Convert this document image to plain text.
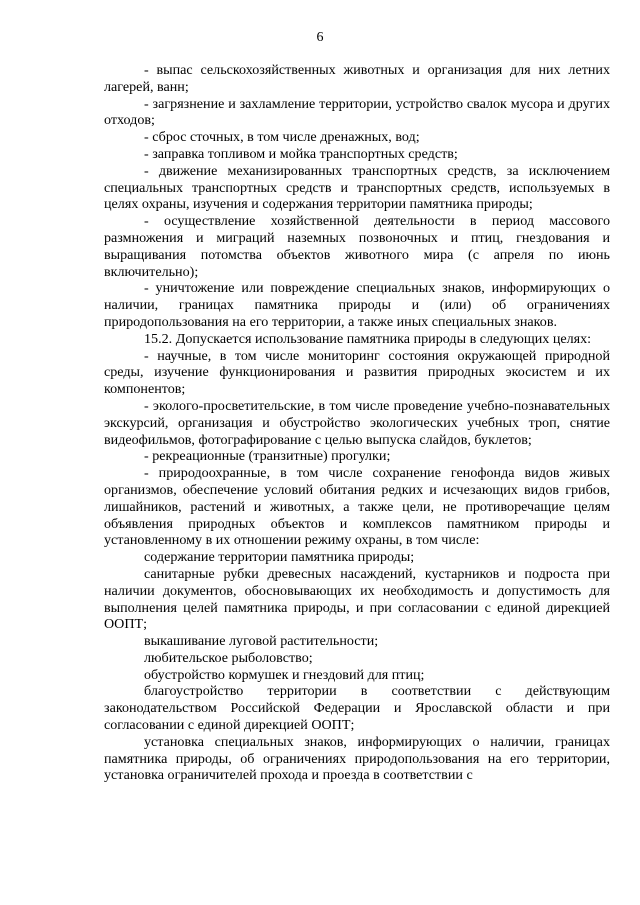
6

- выпас сельскохозяйственных животных и организация для них летних лагерей, ванн;

- загрязнение и захламление территории, устройство свалок мусора и других отходов;

- сброс сточных, в том числе дренажных, вод;

- заправка топливом и мойка транспортных средств;

- движение механизированных транспортных средств, за исключением специальных транспортных средств и транспортных средств, используемых в целях охраны, изучения и содержания территории памятника природы;

- осуществление хозяйственной деятельности в период массового размножения и миграций наземных позвоночных и птиц, гнездования и выращивания потомства объектов животного мира (с апреля по июнь включительно);

- уничтожение или повреждение специальных знаков, информирующих о наличии, границах памятника природы и (или) об ограничениях природопользования на его территории, а также иных специальных знаков.

15.2. Допускается использование памятника природы в следующих целях:

- научные, в том числе мониторинг состояния окружающей природной среды, изучение функционирования и развития природных экосистем и их компонентов;

- эколого-просветительские, в том числе проведение учебно-познавательных экскурсий, организация и обустройство экологических учебных троп, снятие видеофильмов, фотографирование с целью выпуска слайдов, буклетов;

- рекреационные (транзитные) прогулки;

- природоохранные, в том числе сохранение генофонда видов живых организмов, обеспечение условий обитания редких и исчезающих видов грибов, лишайников, растений и животных, а также цели, не противоречащие целям объявления природных объектов и комплексов памятником природы и установленному в их отношении режиму охраны, в том числе:

содержание территории памятника природы;

санитарные рубки древесных насаждений, кустарников и подроста при наличии документов, обосновывающих их необходимость и допустимость для выполнения целей памятника природы, и при согласовании с единой дирекцией ООПТ;

выкашивание луговой растительности;

любительское рыболовство;

обустройство кормушек и гнездовий для птиц;

благоустройство территории в соответствии с действующим законодательством Российской Федерации и Ярославской области и при согласовании с единой дирекцией ООПТ;

установка специальных знаков, информирующих о наличии, границах памятника природы, об ограничениях природопользования на его территории, установка ограничителей прохода и проезда в соответствии с
